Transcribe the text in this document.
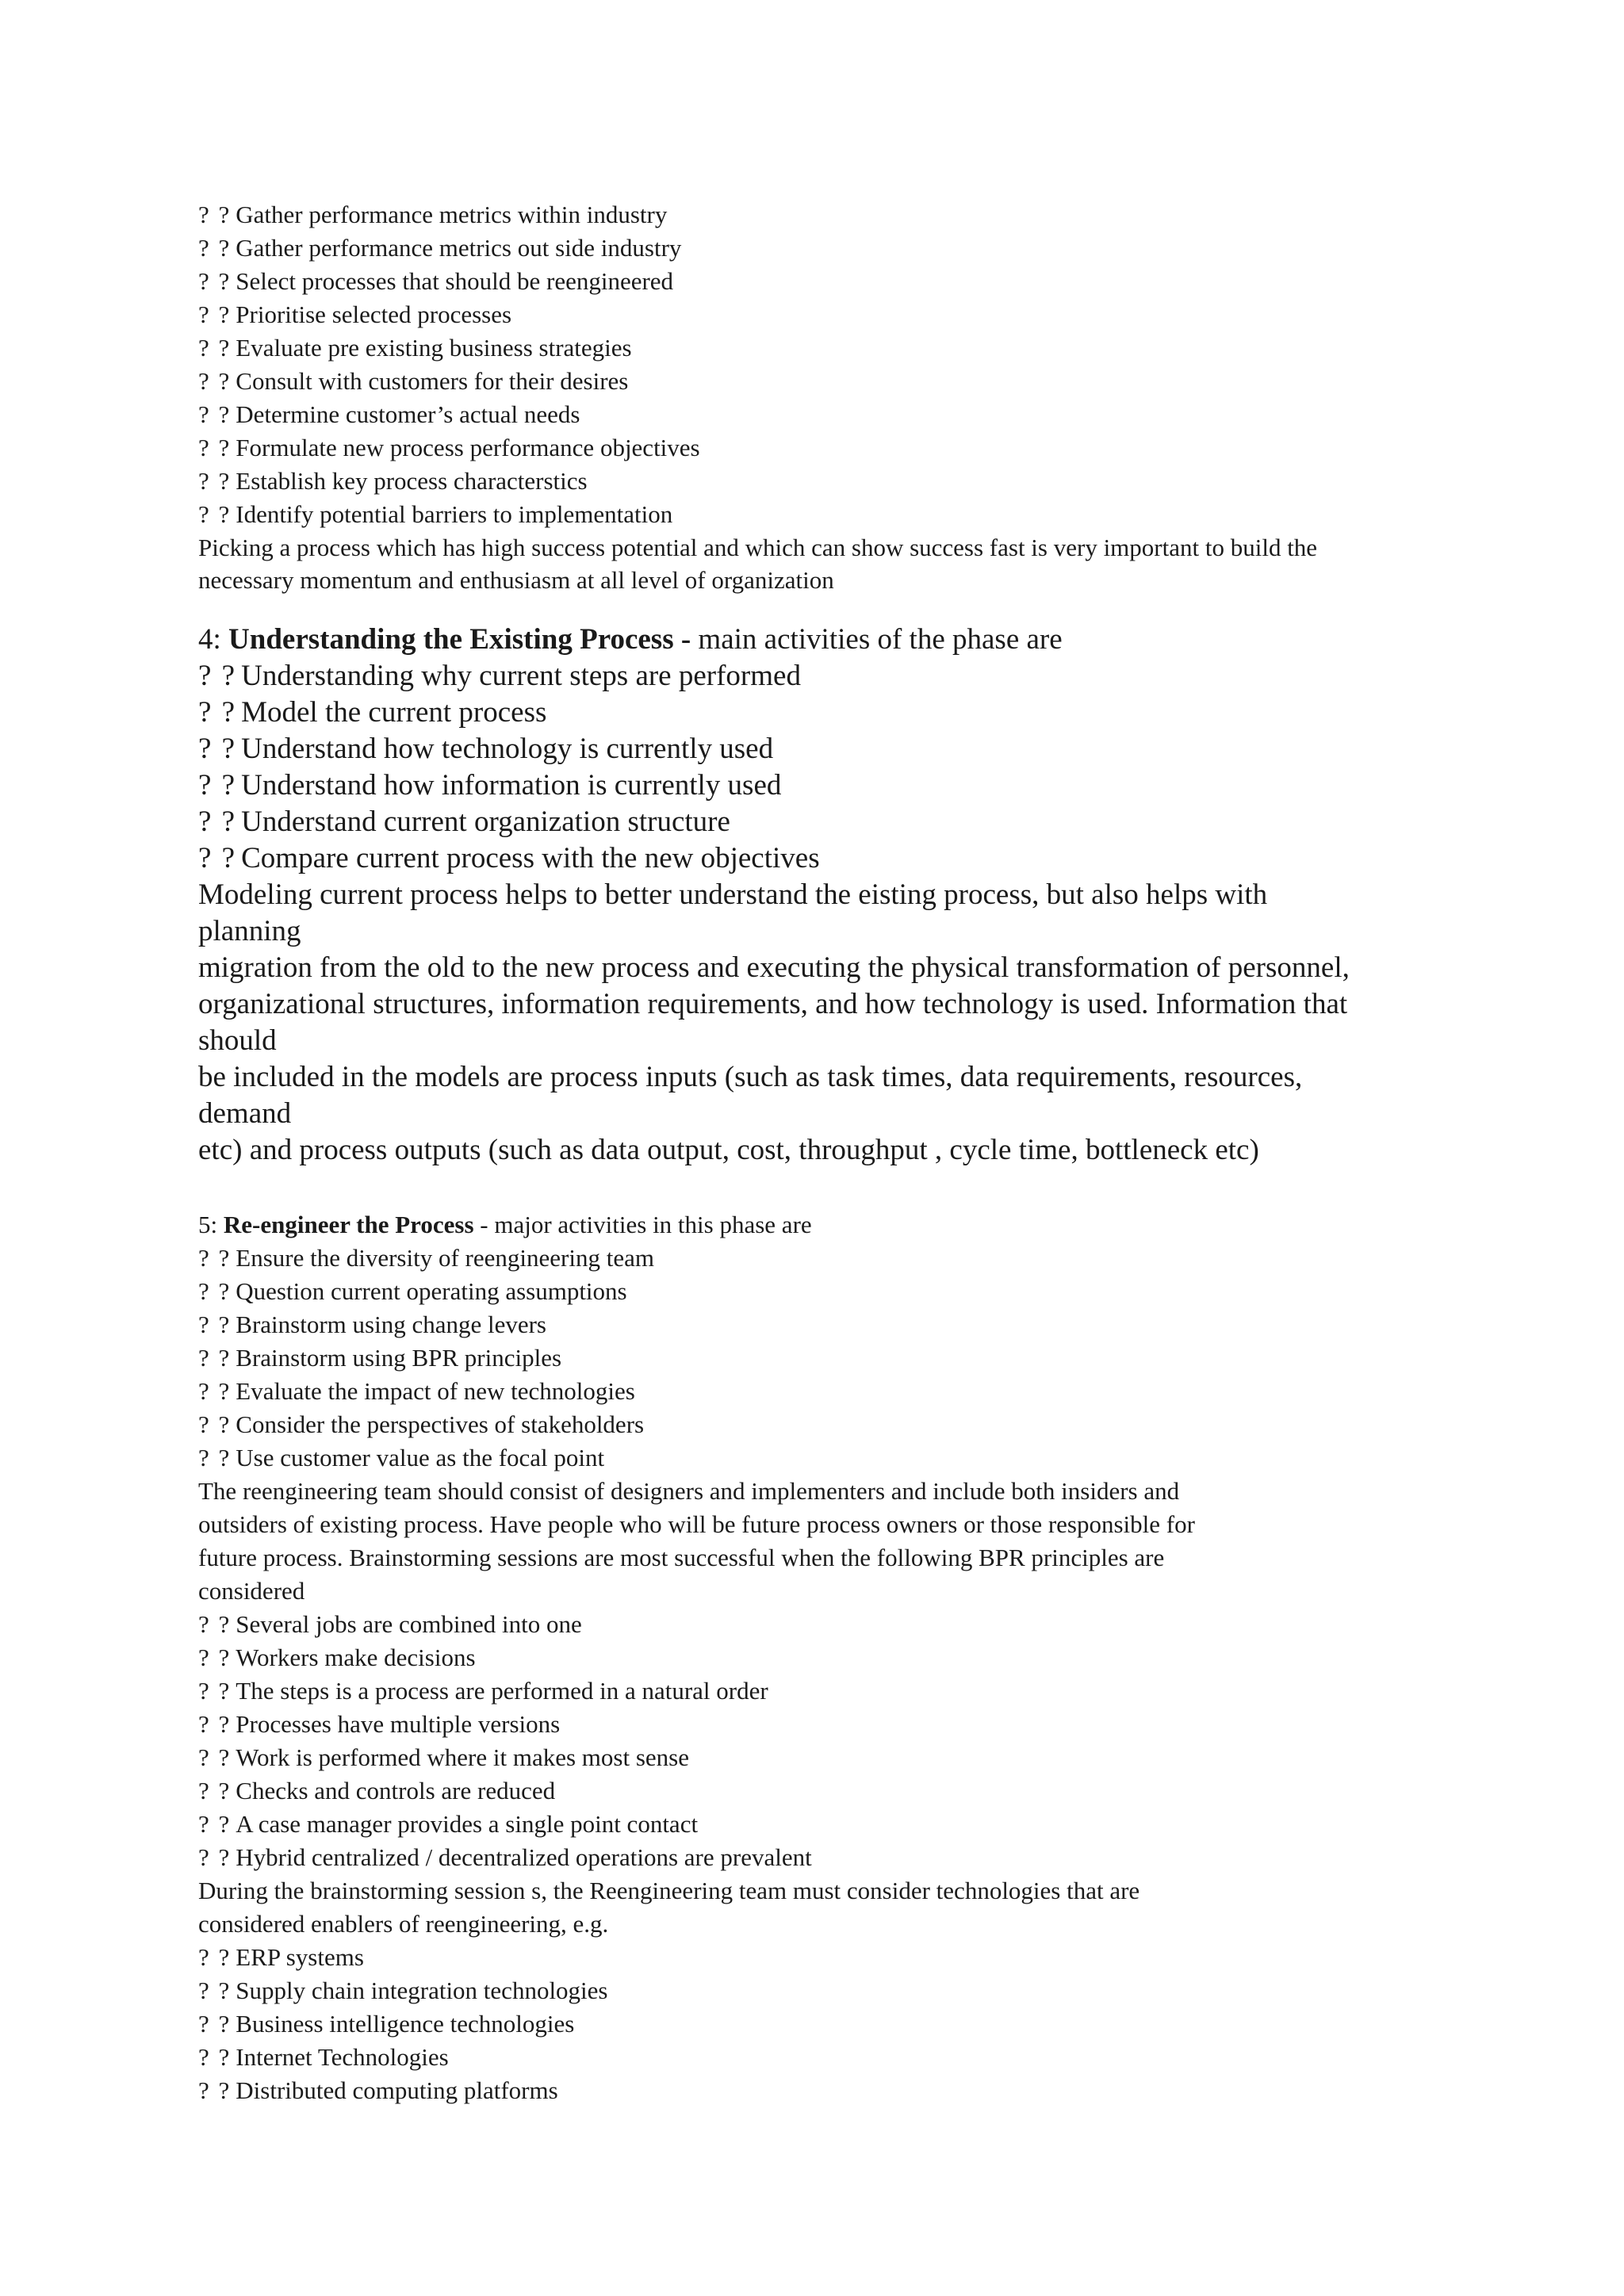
? ? Gather performance metrics within industry
? ? Gather performance metrics out side industry
? ? Select processes that should be reengineered
? ? Prioritise selected processes
? ? Evaluate pre existing business strategies
? ? Consult with customers for their desires
? ? Determine customer’s actual needs
? ? Formulate new process performance objectives
? ? Establish key process characterstics
? ? Identify potential barriers to implementation
Picking a process which has high success potential and which can show success fast is very important to build the necessary momentum and enthusiasm at all level of organization
4: Understanding the Existing Process - main activities of the phase are
? ? Understanding why current steps are performed
? ? Model the current process
? ? Understand how technology is currently used
? ? Understand how information is currently used
? ? Understand current organization structure
? ? Compare current process with the new objectives
Modeling current process helps to better understand the eisting process, but also helps with
planning
migration from the old to the new process and executing the physical transformation of personnel,
organizational structures, information requirements, and how technology is used. Information that
should
be included in the models are process inputs (such as task times, data requirements, resources,
demand
etc) and process outputs (such as data output, cost, throughput , cycle time, bottleneck etc)
5: Re-engineer the Process - major activities in this phase are
? ? Ensure the diversity of reengineering team
? ? Question current operating assumptions
? ? Brainstorm using change levers
? ? Brainstorm using BPR principles
? ? Evaluate the impact of new technologies
? ? Consider the perspectives of stakeholders
? ? Use customer value as the focal point
The reengineering team should consist of designers and implementers and include both insiders and
outsiders of existing process. Have people who will be future process owners or those responsible for
future process. Brainstorming sessions are most successful when the following BPR principles are
considered
? ? Several jobs are combined into one
? ? Workers make decisions
? ? The steps is a process are performed in a natural order
? ? Processes have multiple versions
? ? Work is performed where it makes most sense
? ? Checks and controls are reduced
? ? A case manager provides a single point contact
? ? Hybrid centralized / decentralized operations are prevalent
During the brainstorming session s, the Reengineering team must consider technologies that are
considered enablers of reengineering, e.g.
? ? ERP systems
? ? Supply chain integration technologies
? ? Business intelligence technologies
? ? Internet Technologies
? ? Distributed computing platforms
